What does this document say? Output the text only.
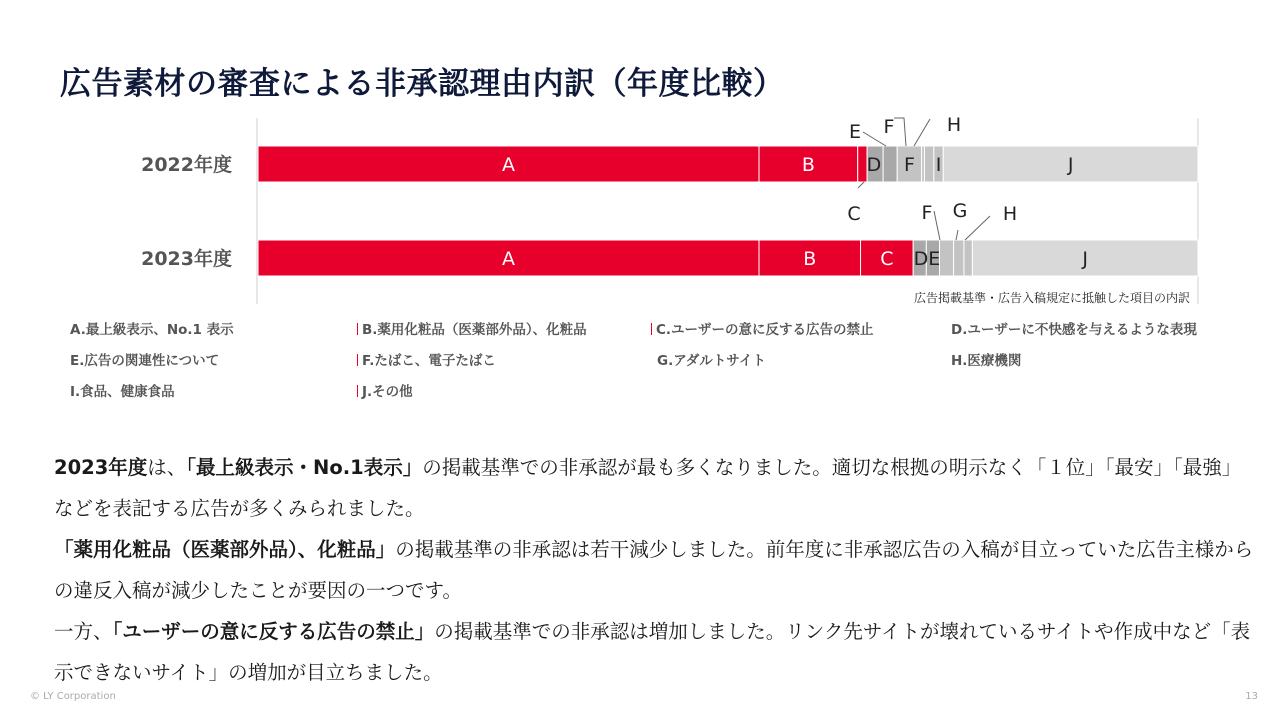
広告素材の審査による非承認理由内訳（年度比較）
2022年度	A	B	F I	J
C
D
E F	H
2023年度	A	B	C	J
DE
F G H
広告掲載基準・広告入稿規定に抵触した項目の内訳
A.最上級表示、No.1 表示	B.薬用化粧品（医薬部外品）、化粧品	C.ユーザーの意に反する広告の禁止	D.ユーザーに不快感を与えるような表現
E.広告の関連性について	F.たばこ、電子たばこ	G.アダルトサイト	H.医療機関
I.食品、健康食品	J.その他

2023年度は、「最上級表示・No.1表示」の掲載基準での非承認が最も多くなりました。適切な根拠の明示なく「１位」「最安」「最強」などを表記する広告が多くみられました。

「薬用化粧品（医薬部外品）、化粧品」の掲載基準の非承認は若干減少しました。前年度に非承認広告の入稿が目立っていた広告主様からの違反入稿が減少したことが要因の一つです。

一方、「ユーザーの意に反する広告の禁止」の掲載基準での非承認は増加しました。リンク先サイトが壊れているサイトや作成中など「表示できないサイト」の増加が目立ちました。

© LY Corporation	13
